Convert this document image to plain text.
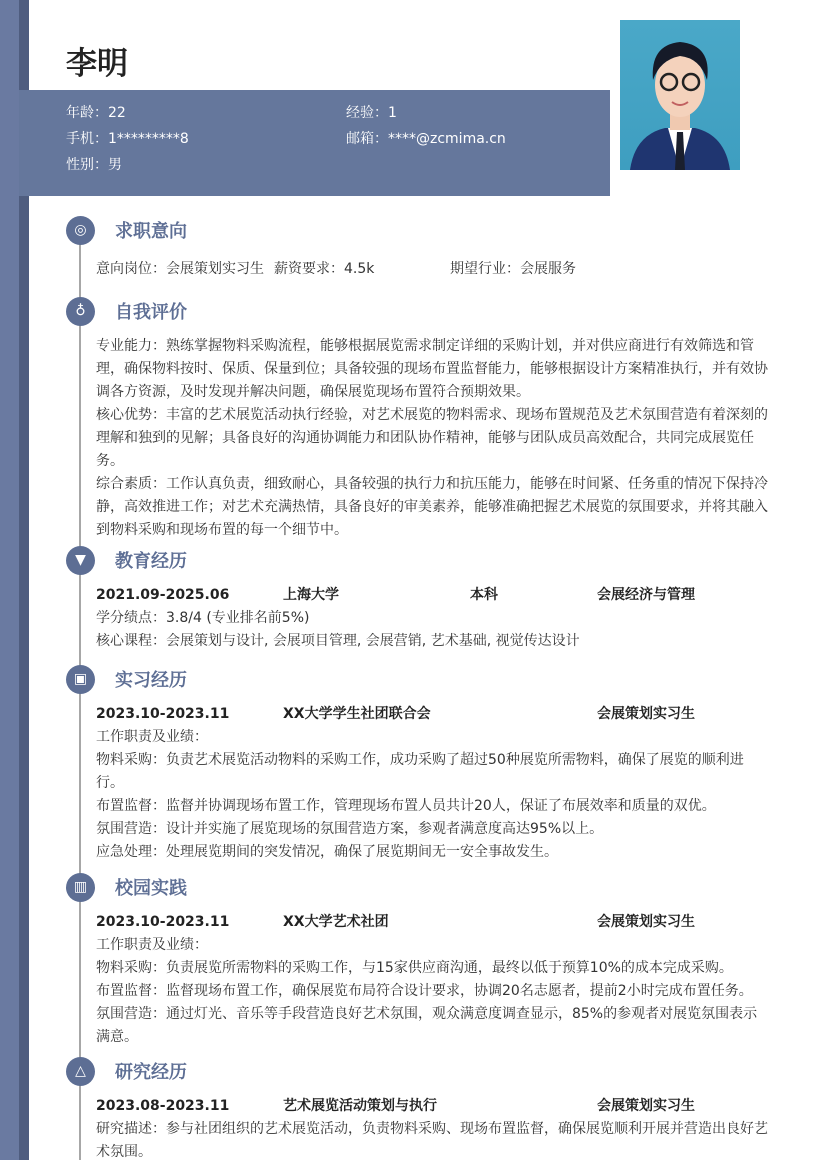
李明
年龄：22	经验：1
手机：1*********8	邮箱：****@zcmima.cn
性别：男
◎	求职意向
意向岗位：会展策划实习生 薪资要求：4.5k	期望行业：会展服务
♁	自我评价
专业能力：熟练掌握物料采购流程，能够根据展览需求制定详细的采购计划，并对供应商进行有效筛选和管理，确保物料按时、保质、保量到位；具备较强的现场布置监督能力，能够根据设计方案精准执行，并有效协调各方资源，及时发现并解决问题，确保展览现场布置符合预期效果。
核心优势：丰富的艺术展览活动执行经验，对艺术展览的物料需求、现场布置规范及艺术氛围营造有着深刻的理解和独到的见解；具备良好的沟通协调能力和团队协作精神，能够与团队成员高效配合，共同完成展览任务。
综合素质：工作认真负责，细致耐心，具备较强的执行力和抗压能力，能够在时间紧、任务重的情况下保持冷静，高效推进工作；对艺术充满热情，具备良好的审美素养，能够准确把握艺术展览的氛围要求，并将其融入到物料采购和现场布置的每一个细节中。
▼	教育经历
2021.09-2025.06	上海大学	本科	会展经济与管理
学分绩点：3.8/4 (专业排名前5%)
核心课程：会展策划与设计, 会展项目管理, 会展营销, 艺术基础, 视觉传达设计
▣	实习经历
2023.10-2023.11	XX大学学生社团联合会	会展策划实习生
工作职责及业绩：
物料采购：负责艺术展览活动物料的采购工作，成功采购了超过50种展览所需物料，确保了展览的顺利进行。
布置监督：监督并协调现场布置工作，管理现场布置人员共计20人，保证了布展效率和质量的双优。
氛围营造：设计并实施了展览现场的氛围营造方案，参观者满意度高达95%以上。
应急处理：处理展览期间的突发情况，确保了展览期间无一安全事故发生。
▥	校园实践
2023.10-2023.11	XX大学艺术社团	会展策划实习生
工作职责及业绩：
物料采购：负责展览所需物料的采购工作，与15家供应商沟通，最终以低于预算10%的成本完成采购。
布置监督：监督现场布置工作，确保展览布局符合设计要求，协调20名志愿者，提前2小时完成布置任务。
氛围营造：通过灯光、音乐等手段营造良好艺术氛围，观众满意度调查显示，85%的参观者对展览氛围表示满意。
△	研究经历
2023.08-2023.11	艺术展览活动策划与执行	会展策划实习生
研究描述：参与社团组织的艺术展览活动，负责物料采购、现场布置监督，确保展览顺利开展并营造出良好艺术氛围。
